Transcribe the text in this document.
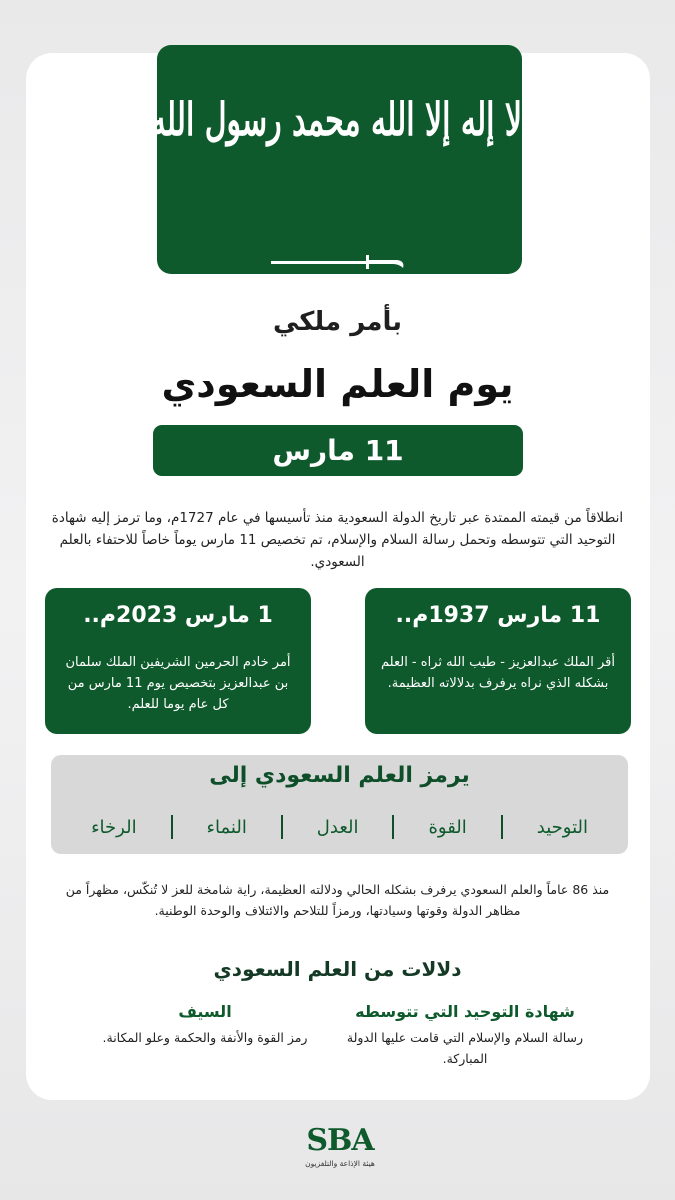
لا إله إلا الله محمد رسول الله
بأمر ملكي
يوم العلم السعودي
11 مارس
انطلاقاً من قيمته الممتدة عبر تاريخ الدولة السعودية منذ تأسيسها في عام 1727م، وما ترمز إليه شهادة التوحيد التي تتوسطه وتحمل رسالة السلام والإسلام، تم تخصيص 11 مارس يوماً خاصاً للاحتفاء بالعلم السعودي.
11 مارس 1937م..
أقر الملك عبدالعزيز - طيب الله ثراه - العلم بشكله الذي نراه يرفرف بدلالاته العظيمة.
1 مارس 2023م..
أمر خادم الحرمين الشريفين الملك سلمان بن عبدالعزيز بتخصيص يوم 11 مارس من كل عام يوما للعلم.
يرمز العلم السعودي إلى
التوحيد
القوة
العدل
النماء
الرخاء
منذ 86 عاماً والعلم السعودي يرفرف بشكله الحالي ودلالته العظيمة، راية شامخة للعز لا تُنكّس، مظهراً من مظاهر الدولة وقوتها وسيادتها، ورمزاً للتلاحم والائتلاف والوحدة الوطنية.
دلالات من العلم السعودي
شهادة التوحيد التي تتوسطه
رسالة السلام والإسلام التي قامت عليها الدولة المباركة.
السيف
رمز القوة والأنفة والحكمة وعلو المكانة.
SBA
هيئة الإذاعة والتلفزيون
